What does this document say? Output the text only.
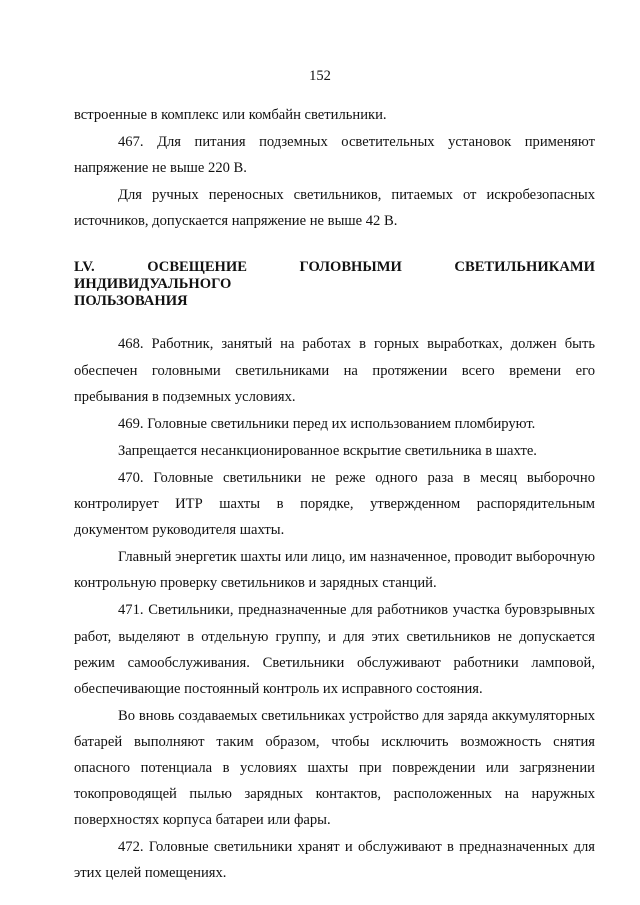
152

встроенные в комплекс или комбайн светильники.

467. Для питания подземных осветительных установок применяют напряжение не выше 220 В.

Для ручных переносных светильников, питаемых от искробезопасных источников, допускается напряжение не выше 42 В.

LV. ОСВЕЩЕНИЕ ГОЛОВНЫМИ СВЕТИЛЬНИКАМИ ИНДИВИДУАЛЬНОГО
ПОЛЬЗОВАНИЯ

468. Работник, занятый на работах в горных выработках, должен быть обеспечен головными светильниками на протяжении всего времени его пребывания в подземных условиях.

469. Головные светильники перед их использованием пломбируют.

Запрещается несанкционированное вскрытие светильника в шахте.

470. Головные светильники не реже одного раза в месяц выборочно контролирует ИТР шахты в порядке, утвержденном распорядительным документом руководителя шахты.

Главный энергетик шахты или лицо, им назначенное, проводит выборочную контрольную проверку светильников и зарядных станций.

471. Светильники, предназначенные для работников участка буровзрывных работ, выделяют в отдельную группу, и для этих светильников не допускается режим самообслуживания. Светильники обслуживают работники ламповой, обеспечивающие постоянный контроль их исправного состояния.

Во вновь создаваемых светильниках устройство для заряда аккумуляторных батарей выполняют таким образом, чтобы исключить возможность снятия опасного потенциала в условиях шахты при повреждении или загрязнении токопроводящей пылью зарядных контактов, расположенных на наружных поверхностях корпуса батареи или фары.

472. Головные светильники хранят и обслуживают в предназначенных для этих целей помещениях.
